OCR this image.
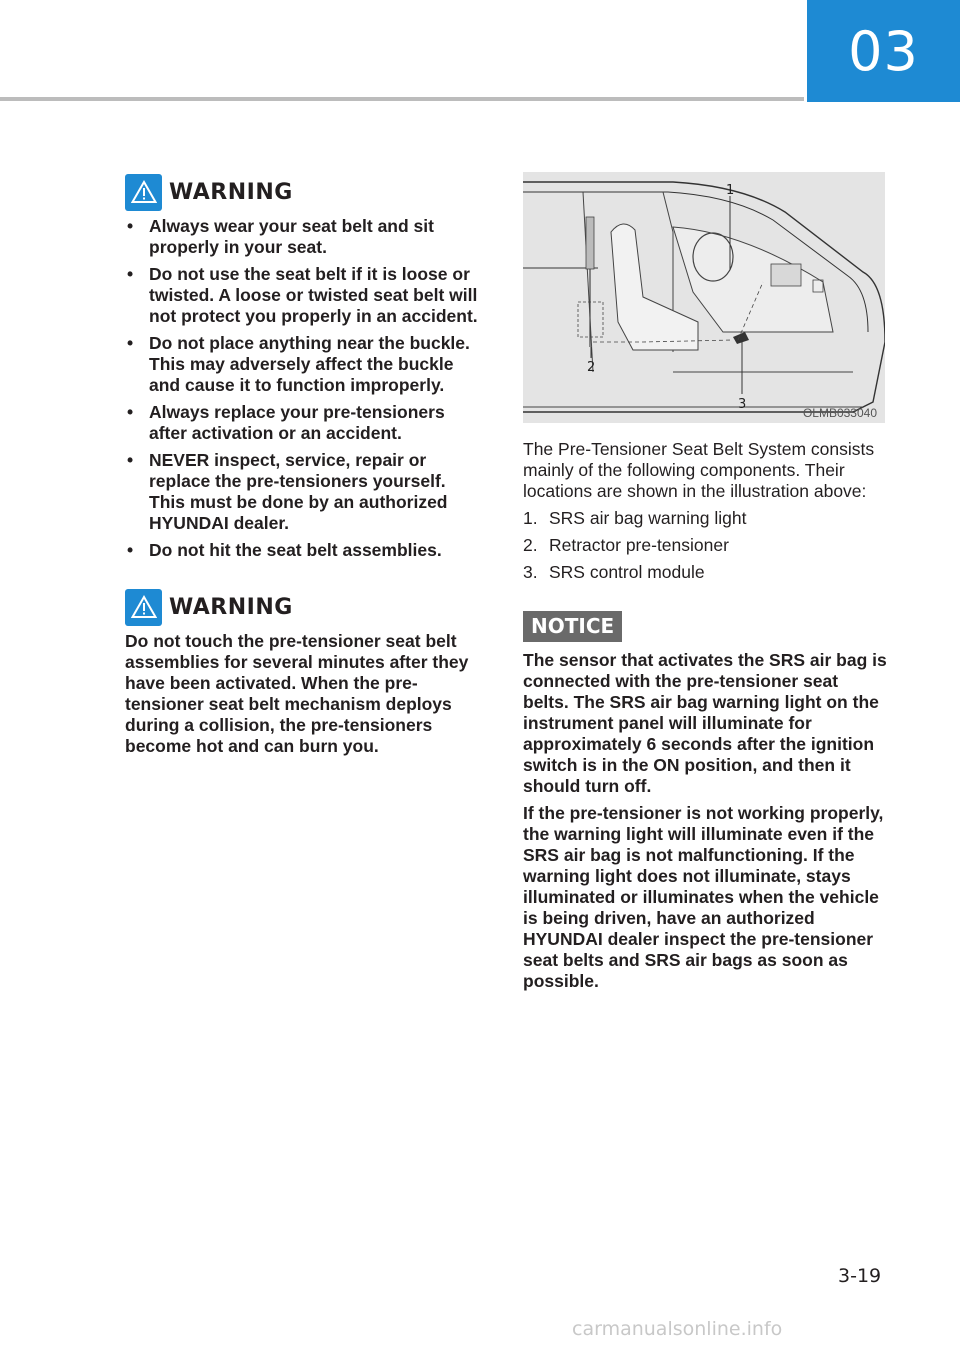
03
WARNING
• Always wear your seat belt and sit properly in your seat.
• Do not use the seat belt if it is loose or twisted. A loose or twisted seat belt will not protect you properly in an accident.
• Do not place anything near the buckle. This may adversely affect the buckle and cause it to function improperly.
• Always replace your pre-tensioners after activation or an accident.
• NEVER inspect, service, repair or replace the pre-tensioners yourself. This must be done by an authorized HYUNDAI dealer.
• Do not hit the seat belt assemblies.
WARNING

Do not touch the pre-tensioner seat belt assemblies for several minutes after they have been activated. When the pre-tensioner seat belt mechanism deploys during a collision, the pre-tensioners become hot and can burn you.

1
2
3
OLMB033040

The Pre-Tensioner Seat Belt System consists mainly of the following components. Their locations are shown in the illustration above:

1. SRS air bag warning light
2. Retractor pre-tensioner
3. SRS control module
NOTICE

The sensor that activates the SRS air bag is connected with the pre-tensioner seat belts. The SRS air bag warning light on the instrument panel will illuminate for approximately 6 seconds after the ignition switch is in the ON position, and then it should turn off.

If the pre-tensioner is not working properly, the warning light will illuminate even if the SRS air bag is not malfunctioning. If the warning light does not illuminate, stays illuminated or illuminates when the vehicle is being driven, have an authorized HYUNDAI dealer inspect the pre-tensioner seat belts and SRS air bags as soon as possible.

3-19
carmanualsonline.info
